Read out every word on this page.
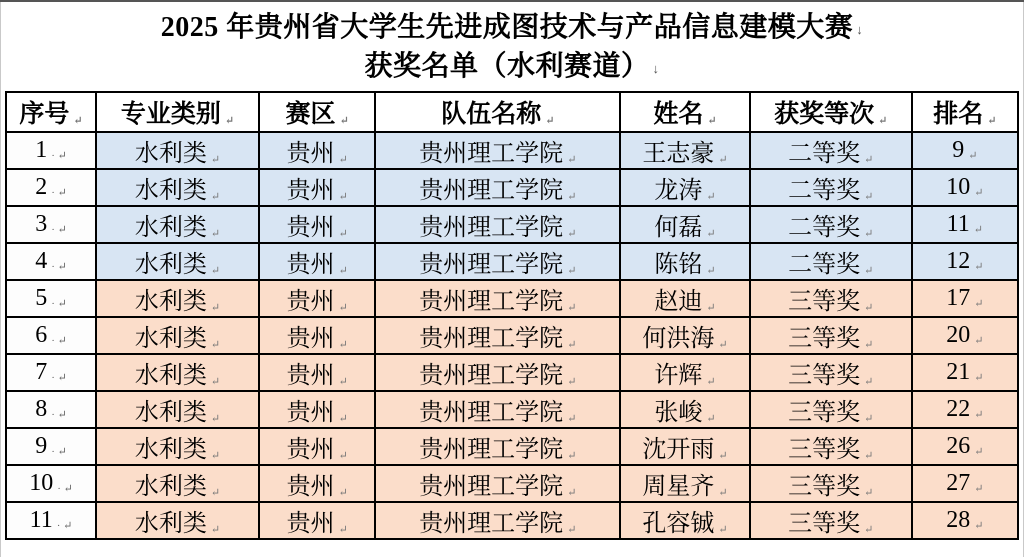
2025 年贵州省大学生先进成图技术与产品信息建模大赛 ↓
获奖名单（水利赛道） ↓
序号 ↵	专业类别 ↵	赛区 ↵	队伍名称 ↵	姓名 ↵	获奖等次 ↵	排名 ↵
1 · ↵	水利类 ↵	贵州 ↵	贵州理工学院 ↵	王志豪 ↵	二等奖 ↵	9 ↵
2 · ↵	水利类 ↵	贵州 ↵	贵州理工学院 ↵	龙涛 ↵	二等奖 ↵	10 ↵
3 · ↵	水利类 ↵	贵州 ↵	贵州理工学院 ↵	何磊 ↵	二等奖 ↵	11 ↵
4 · ↵	水利类 ↵	贵州 ↵	贵州理工学院 ↵	陈铭 ↵	二等奖 ↵	12 ↵
5 · ↵	水利类 ↵	贵州 ↵	贵州理工学院 ↵	赵迪 ↵	三等奖 ↵	17 ↵
6 · ↵	水利类 ↵	贵州 ↵	贵州理工学院 ↵	何洪海 ↵	三等奖 ↵	20 ↵
7 · ↵	水利类 ↵	贵州 ↵	贵州理工学院 ↵	许辉 ↵	三等奖 ↵	21 ↵
8 · ↵	水利类 ↵	贵州 ↵	贵州理工学院 ↵	张峻 ↵	三等奖 ↵	22 ↵
9 · ↵	水利类 ↵	贵州 ↵	贵州理工学院 ↵	沈开雨 ↵	三等奖 ↵	26 ↵
10 · ↵	水利类 ↵	贵州 ↵	贵州理工学院 ↵	周星齐 ↵	三等奖 ↵	27 ↵
11 · ↵	水利类 ↵	贵州 ↵	贵州理工学院 ↵	孔容铖 ↵	三等奖 ↵	28 ↵
